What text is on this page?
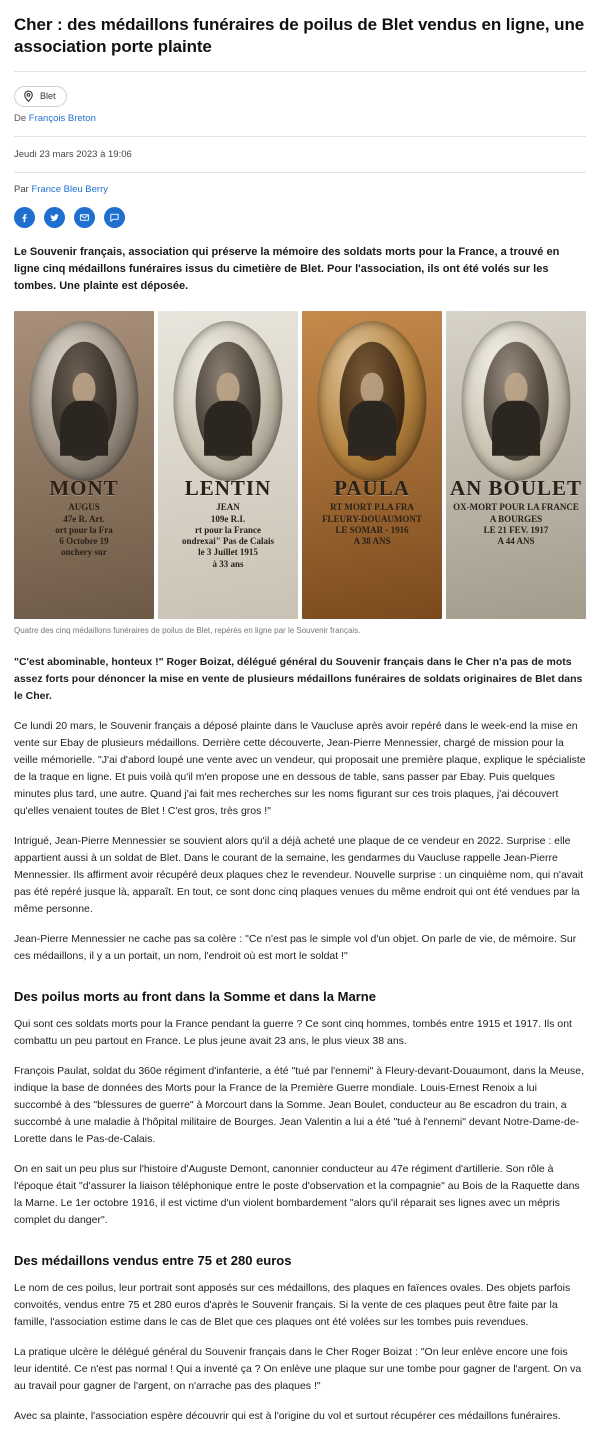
Cher : des médaillons funéraires de poilus de Blet vendus en ligne, une association porte plainte
Blet
De François Breton
Jeudi 23 mars 2023 à 19:06
Par France Bleu Berry

Le Souvenir français, association qui préserve la mémoire des soldats morts pour la France, a trouvé en ligne cinq médaillons funéraires issus du cimetière de Blet. Pour l'association, ils ont été volés sur les tombes. Une plainte est déposée.

MONT
AUGUS
47e R. Art.
ort pour la Fra
6 Octobre 19
onchery sur
LENTIN
JEAN
109e R.I.
rt pour la France
ondrexai" Pas de Calais
le 3 Juillet 1915
à 33 ans
PAULA
RT MORT P.LA FRA
FLEURY-DOUAUMONT
LE SOMAR - 1916
A 38 ANS
AN BOULET
OX-MORT POUR LA FRANCE
A BOURGES
LE 21 FEV. 1917
A 44 ANS
Quatre des cinq médaillons funéraires de poilus de Blet, repérés en ligne par le Souvenir français.

"C'est abominable, honteux !" Roger Boizat, délégué général du Souvenir français dans le Cher n'a pas de mots assez forts pour dénoncer la mise en vente de plusieurs médaillons funéraires de soldats originaires de Blet dans le Cher.

Ce lundi 20 mars, le Souvenir français a déposé plainte dans le Vaucluse après avoir repéré dans le week-end la mise en vente sur Ebay de plusieurs médaillons. Derrière cette découverte, Jean-Pierre Mennessier, chargé de mission pour la veille mémorielle. "J'ai d'abord loupé une vente avec un vendeur, qui proposait une première plaque, explique le spécialiste de la traque en ligne. Et puis voilà qu'il m'en propose une en dessous de table, sans passer par Ebay. Puis quelques minutes plus tard, une autre. Quand j'ai fait mes recherches sur les noms figurant sur ces trois plaques, j'ai découvert qu'elles venaient toutes de Blet ! C'est gros, très gros !"

Intrigué, Jean-Pierre Mennessier se souvient alors qu'il a déjà acheté une plaque de ce vendeur en 2022. Surprise : elle appartient aussi à un soldat de Blet. Dans le courant de la semaine, les gendarmes du Vaucluse rappelle Jean-Pierre Mennessier. Ils affirment avoir récupéré deux plaques chez le revendeur. Nouvelle surprise : un cinquième nom, qui n'avait pas été repéré jusque là, apparaît. En tout, ce sont donc cinq plaques venues du même endroit qui ont été vendues par la même personne.

Jean-Pierre Mennessier ne cache pas sa colère : "Ce n'est pas le simple vol d'un objet. On parle de vie, de mémoire. Sur ces médaillons, il y a un portait, un nom, l'endroit où est mort le soldat !"

Des poilus morts au front dans la Somme et dans la Marne

Qui sont ces soldats morts pour la France pendant la guerre ? Ce sont cinq hommes, tombés entre 1915 et 1917. Ils ont combattu un peu partout en France. Le plus jeune avait 23 ans, le plus vieux 38 ans.

François Paulat, soldat du 360e régiment d'infanterie, a été "tué par l'ennemi" à Fleury-devant-Douaumont, dans la Meuse, indique la base de données des Morts pour la France de la Première Guerre mondiale. Louis-Ernest Renoix a lui succombé à des "blessures de guerre" à Morcourt dans la Somme. Jean Boulet, conducteur au 8e escadron du train, a succombé à une maladie à l'hôpital militaire de Bourges. Jean Valentin a lui a été "tué à l'ennemi" devant Notre-Dame-de-Lorette dans le Pas-de-Calais.

On en sait un peu plus sur l'histoire d'Auguste Demont, canonnier conducteur au 47e régiment d'artillerie. Son rôle à l'époque était "d'assurer la liaison téléphonique entre le poste d'observation et la compagnie" au Bois de la Raquette dans la Marne. Le 1er octobre 1916, il est victime d'un violent bombardement "alors qu'il réparait ses lignes avec un mépris complet du danger".

Des médaillons vendus entre 75 et 280 euros

Le nom de ces poilus, leur portrait sont apposés sur ces médaillons, des plaques en faïences ovales. Des objets parfois convoités, vendus entre 75 et 280 euros d'après le Souvenir français. Si la vente de ces plaques peut être faite par la famille, l'association estime dans le cas de Blet que ces plaques ont été volées sur les tombes puis revendues.

La pratique ulcère le délégué général du Souvenir français dans le Cher Roger Boizat : "On leur enlève encore une fois leur identité. Ce n'est pas normal ! Qui a inventé ça ? On enlève une plaque sur une tombe pour gagner de l'argent. On va au travail pour gagner de l'argent, on n'arrache pas des plaques !"

Avec sa plainte, l'association espère découvrir qui est à l'origine du vol et surtout récupérer ces médaillons funéraires.
